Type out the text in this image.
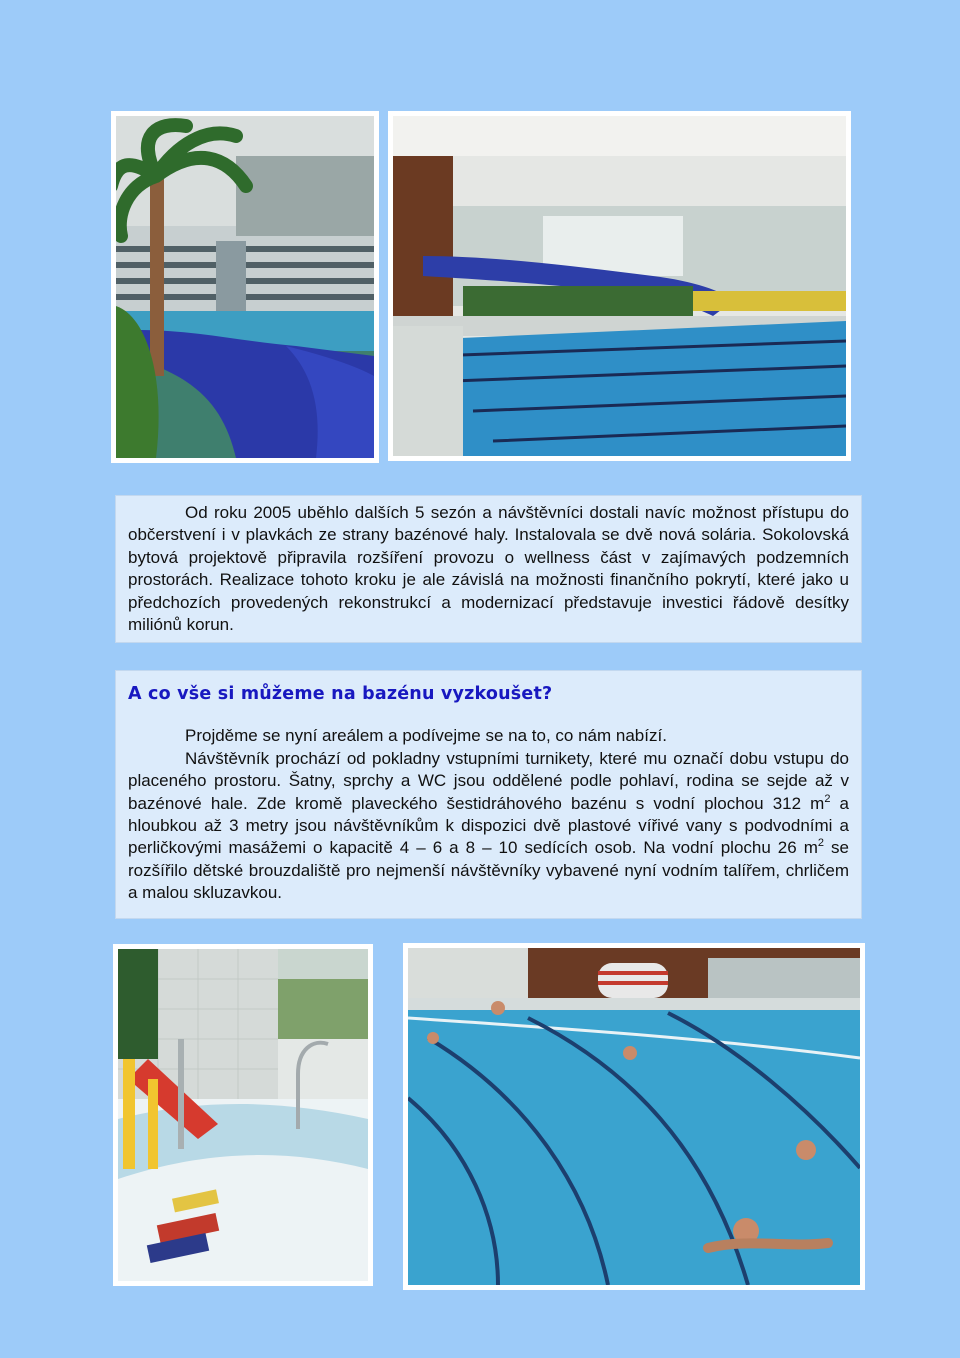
Od roku 2005 uběhlo dalších 5 sezón a návštěvníci dostali navíc možnost přístupu do občerstvení i v plavkách ze strany bazénové haly. Instalovala se dvě nová solária. Sokolovská bytová projektově připravila rozšíření provozu o wellness část v zajímavých podzemních prostorách. Realizace tohoto kroku je ale závislá na možnosti finančního pokrytí, které jako u předchozích provedených rekonstrukcí a modernizací představuje investici řádově desítky miliónů korun.

A co vše si můžeme na bazénu vyzkoušet?

Projděme se nyní areálem a podívejme se na to, co nám nabízí.

Návštěvník prochází od pokladny vstupními turnikety, které mu označí dobu vstupu do placeného prostoru. Šatny, sprchy a WC jsou oddělené podle pohlaví, rodina se sejde až v bazénové hale. Zde kromě plaveckého šestidráhového bazénu s vodní plochou 312 $m^2$ a hloubkou až 3 metry jsou návštěvníkům k dispozici dvě plastové vířivé vany s podvodními a perličkovými masážemi o kapacitě 4 – 6 a 8 – 10 sedících osob. Na vodní plochu 26 $m^2$ se rozšířilo dětské brouzdaliště pro nejmenší návštěvníky vybavené nyní vodním talířem, chrličem a malou skluzavkou.
